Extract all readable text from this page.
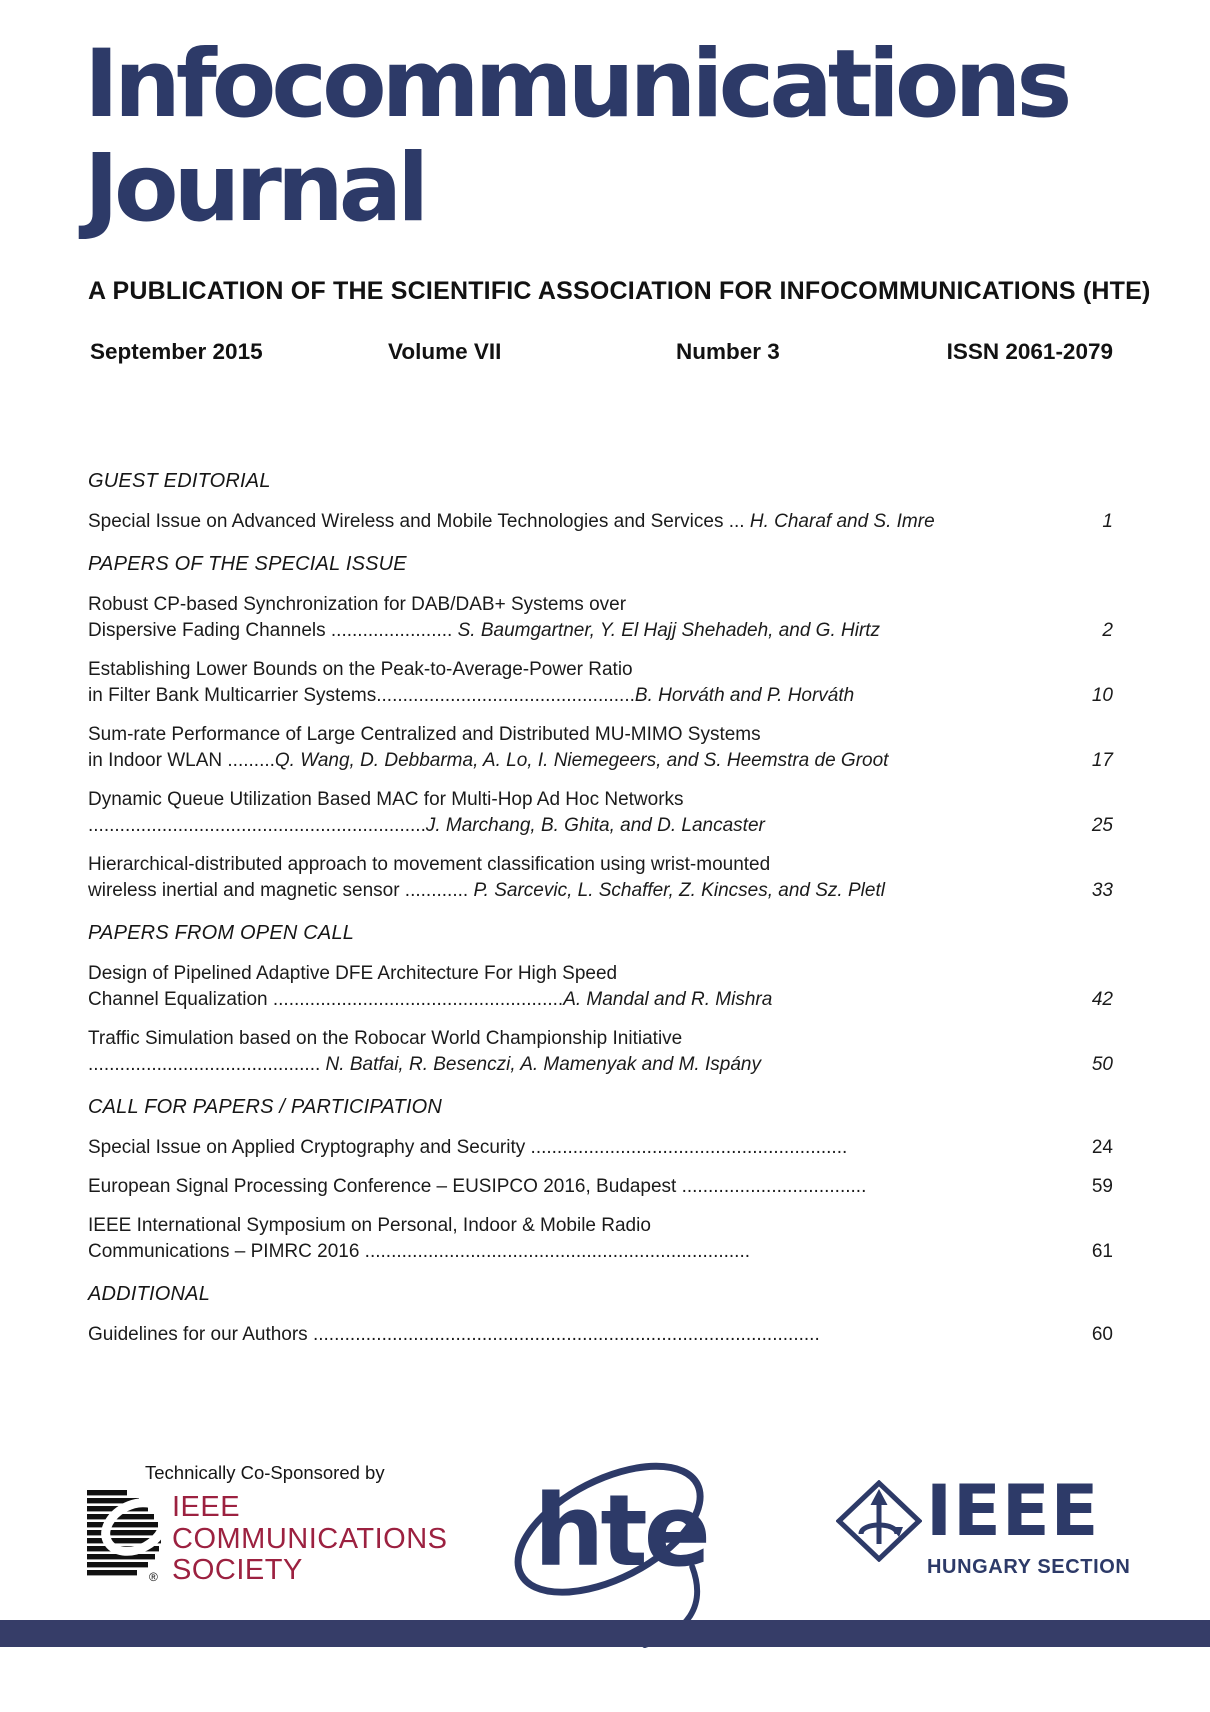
Infocommunications
Journal
A PUBLICATION OF THE SCIENTIFIC ASSOCIATION FOR INFOCOMMUNICATIONS (HTE)
September 2015	Volume VII	Number 3	ISSN 2061-2079
GUEST EDITORIAL
Special Issue on Advanced Wireless and Mobile Technologies and Services ... H. Charaf and S. Imre	1
PAPERS OF THE SPECIAL ISSUE
Robust CP-based Synchronization for DAB/DAB+ Systems over
Dispersive Fading Channels ....................... S. Baumgartner, Y. El Hajj Shehadeh, and G. Hirtz	2
Establishing Lower Bounds on the Peak-to-Average-Power Ratio
in Filter Bank Multicarrier Systems.................................................B. Horváth and P. Horváth	10
Sum-rate Performance of Large Centralized and Distributed MU-MIMO Systems
in Indoor WLAN .........Q. Wang, D. Debbarma, A. Lo, I. Niemegeers, and S. Heemstra de Groot	17
Dynamic Queue Utilization Based MAC for Multi-Hop Ad Hoc Networks
................................................................J. Marchang, B. Ghita, and D. Lancaster	25
Hierarchical-distributed approach to movement classification using wrist-mounted
wireless inertial and magnetic sensor ............ P. Sarcevic, L. Schaffer, Z. Kincses, and Sz. Pletl	33
PAPERS FROM OPEN CALL
Design of Pipelined Adaptive DFE Architecture For High Speed
Channel Equalization .......................................................A. Mandal and R. Mishra	42
Traffic Simulation based on the Robocar World Championship Initiative
............................................ N. Batfai, R. Besenczi, A. Mamenyak and M. Ispány	50
CALL FOR PAPERS / PARTICIPATION
Special Issue on Applied Cryptography and Security ............................................................	24
European Signal Processing Conference – EUSIPCO 2016, Budapest ...................................	59
IEEE International Symposium on Personal, Indoor & Mobile Radio
Communications – PIMRC 2016 .........................................................................	61
ADDITIONAL
Guidelines for our Authors ................................................................................................	60
Technically Co-Sponsored by
®
IEEE
COMMUNICATIONS
SOCIETY	hte	IEEE
HUNGARY SECTION
